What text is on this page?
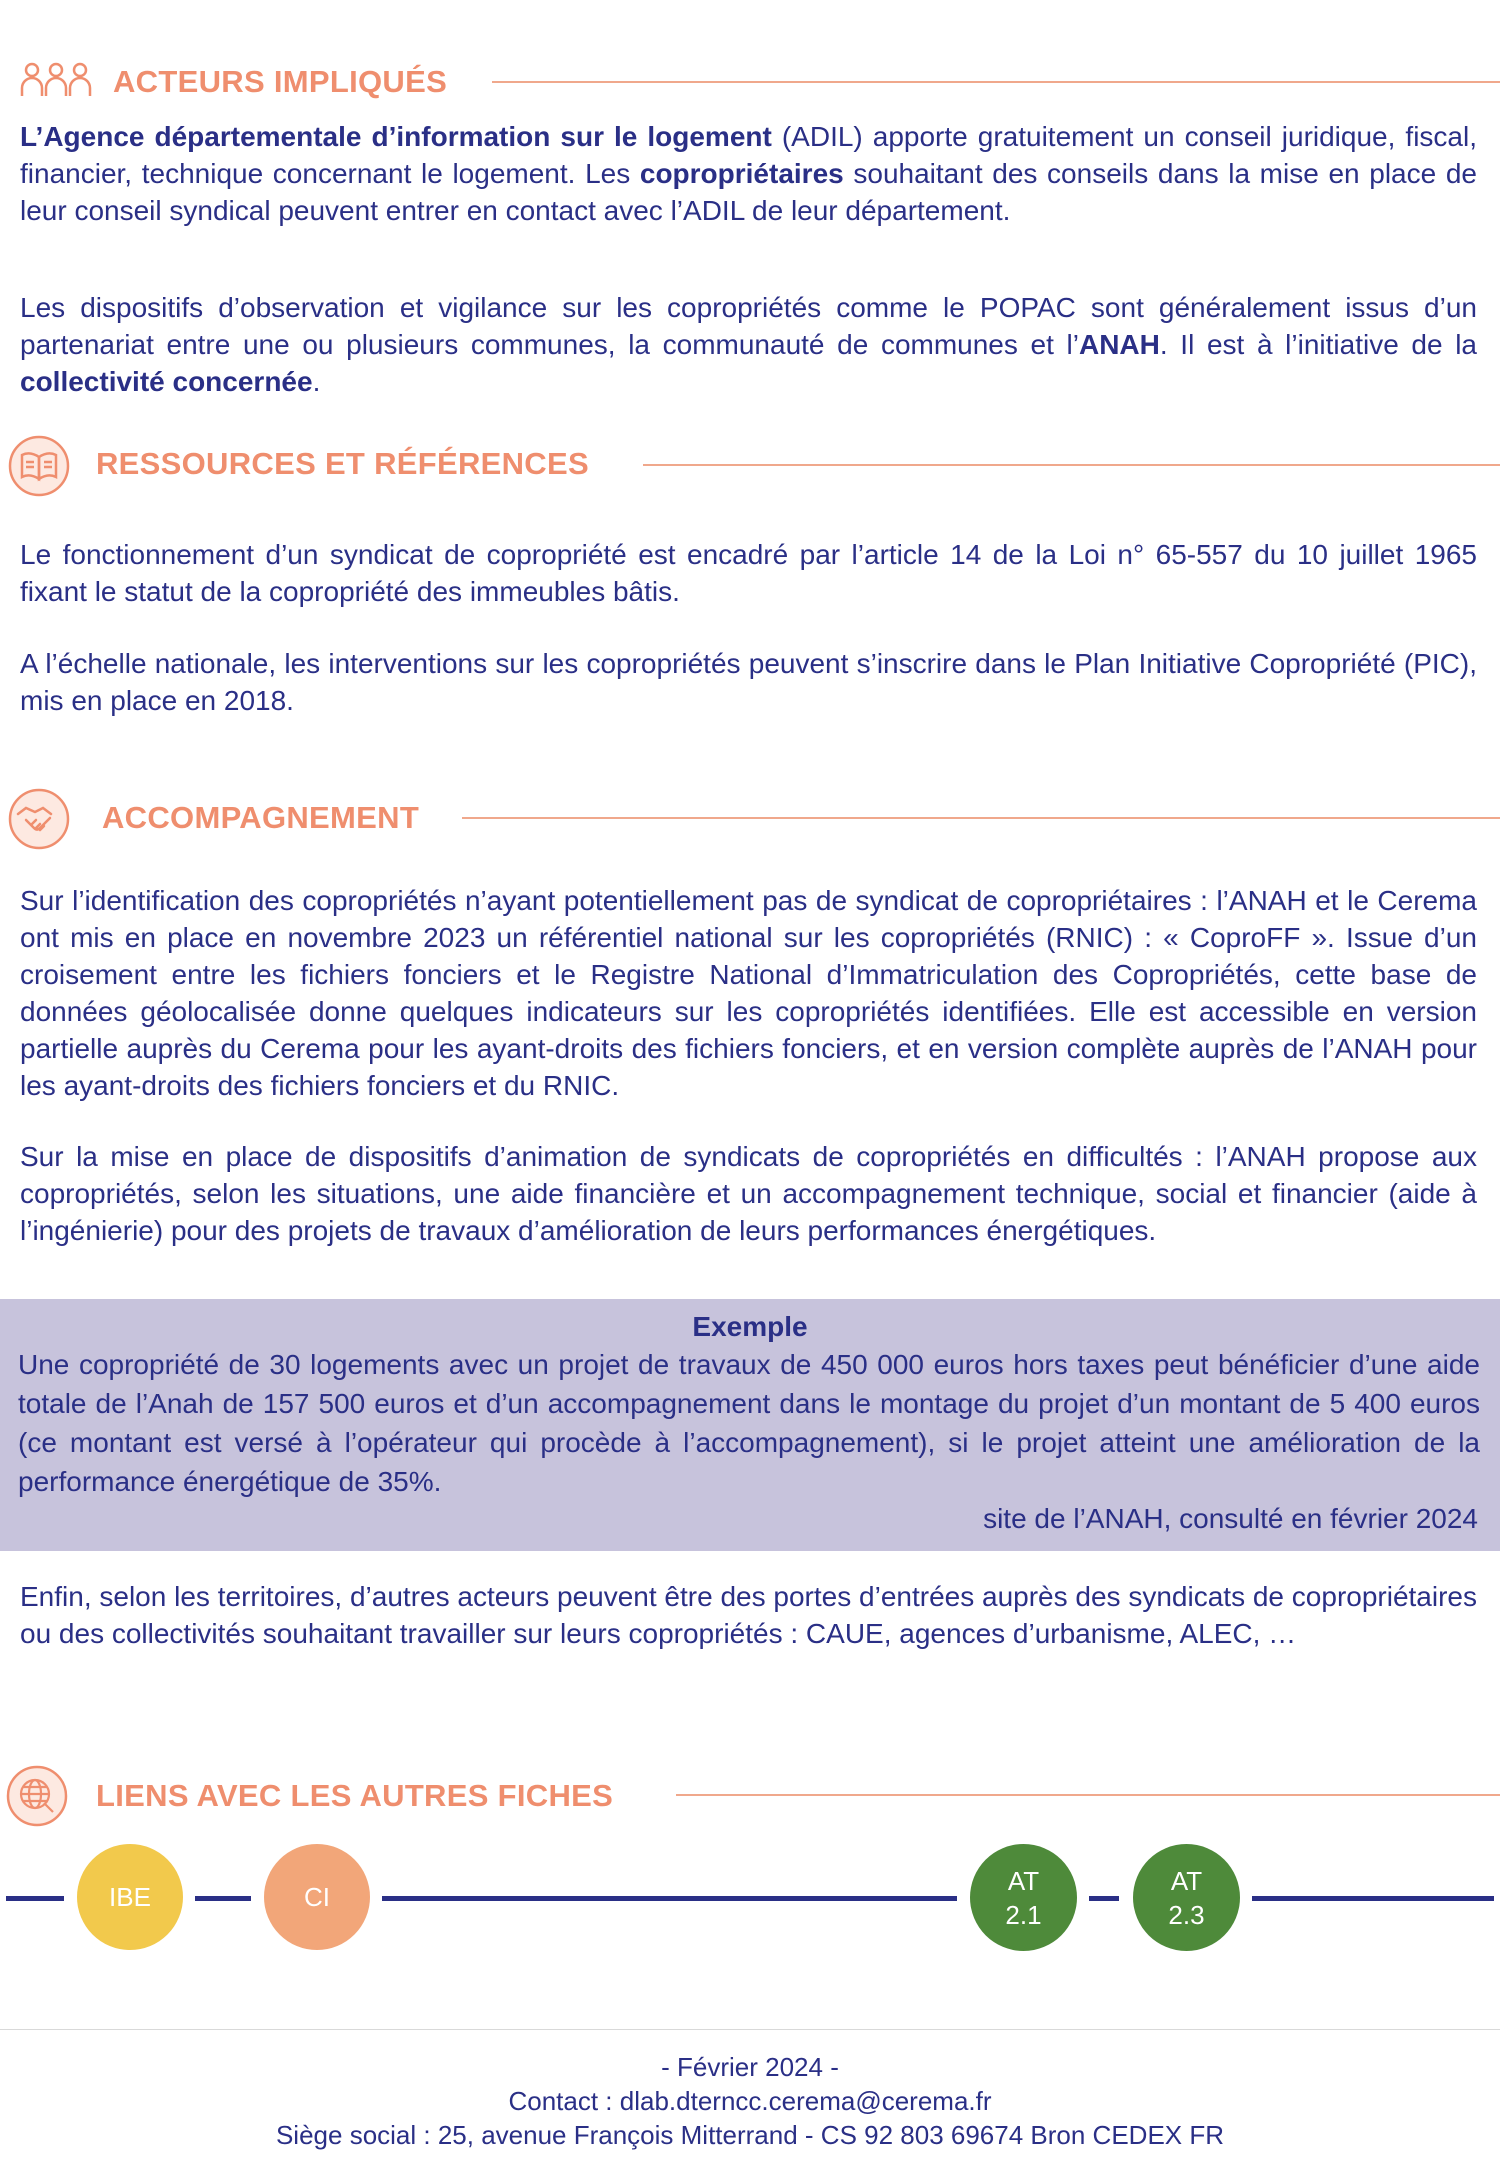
ACTEURS IMPLIQUÉS

L’Agence départementale d’information sur le logement (ADIL) apporte gratuitement un conseil juridique, fiscal, financier, technique concernant le logement. Les copropriétaires souhaitant des conseils dans la mise en place de leur conseil syndical peuvent entrer en contact avec l’ADIL de leur département.

Les dispositifs d’observation et vigilance sur les copropriétés comme le POPAC sont généralement issus d’un partenariat entre une ou plusieurs communes, la communauté de communes et l’ANAH. Il est à l’initiative de la collectivité concernée.

RESSOURCES ET RÉFÉRENCES

Le fonctionnement d’un syndicat de copropriété est encadré par l’article 14 de la Loi n° 65-557 du 10 juillet 1965 fixant le statut de la copropriété des immeubles bâtis.

A l’échelle nationale, les interventions sur les copropriétés peuvent s’inscrire dans le Plan Initiative Copropriété (PIC), mis en place en 2018.

ACCOMPAGNEMENT

Sur l’identification des copropriétés n’ayant potentiellement pas de syndicat de copropriétaires : l’ANAH et le Cerema ont mis en place en novembre 2023 un référentiel national sur les copropriétés (RNIC) : « CoproFF ». Issue d’un croisement entre les fichiers fonciers et le Registre National d’Immatriculation des Copropriétés, cette base de données géolocalisée donne quelques indicateurs sur les copropriétés identifiées. Elle est accessible en version partielle auprès du Cerema pour les ayant-droits des fichiers fonciers, et en version complète auprès de l’ANAH pour les ayant-droits des fichiers fonciers et du RNIC.

Sur la mise en place de dispositifs d’animation de syndicats de copropriétés en difficultés : l’ANAH propose aux copropriétés, selon les situations, une aide financière et un accompagnement technique, social et financier (aide à l’ingénierie) pour des projets de travaux d’amélioration de leurs performances énergétiques.

Exemple
Une copropriété de 30 logements avec un projet de travaux de 450 000 euros hors taxes peut bénéficier d’une aide totale de l’Anah de 157 500 euros et d’un accompagnement dans le montage du projet d’un montant de 5 400 euros (ce montant est versé à l’opérateur qui procède à l’accompagnement), si le projet atteint une amélioration de la performance énergétique de 35%.
site de l’ANAH, consulté en février 2024

Enfin, selon les territoires, d’autres acteurs peuvent être des portes d’entrées auprès des syndicats de copropriétaires ou des collectivités souhaitant travailler sur leurs copropriétés : CAUE, agences d’urbanisme, ALEC, …

LIENS AVEC LES AUTRES FICHES
IBE	CI
AT
2.1
AT
2.3
- Février 2024 -
Contact : dlab.dterncc.cerema@cerema.fr
Siège social : 25, avenue François Mitterrand - CS 92 803 69674 Bron CEDEX FR
